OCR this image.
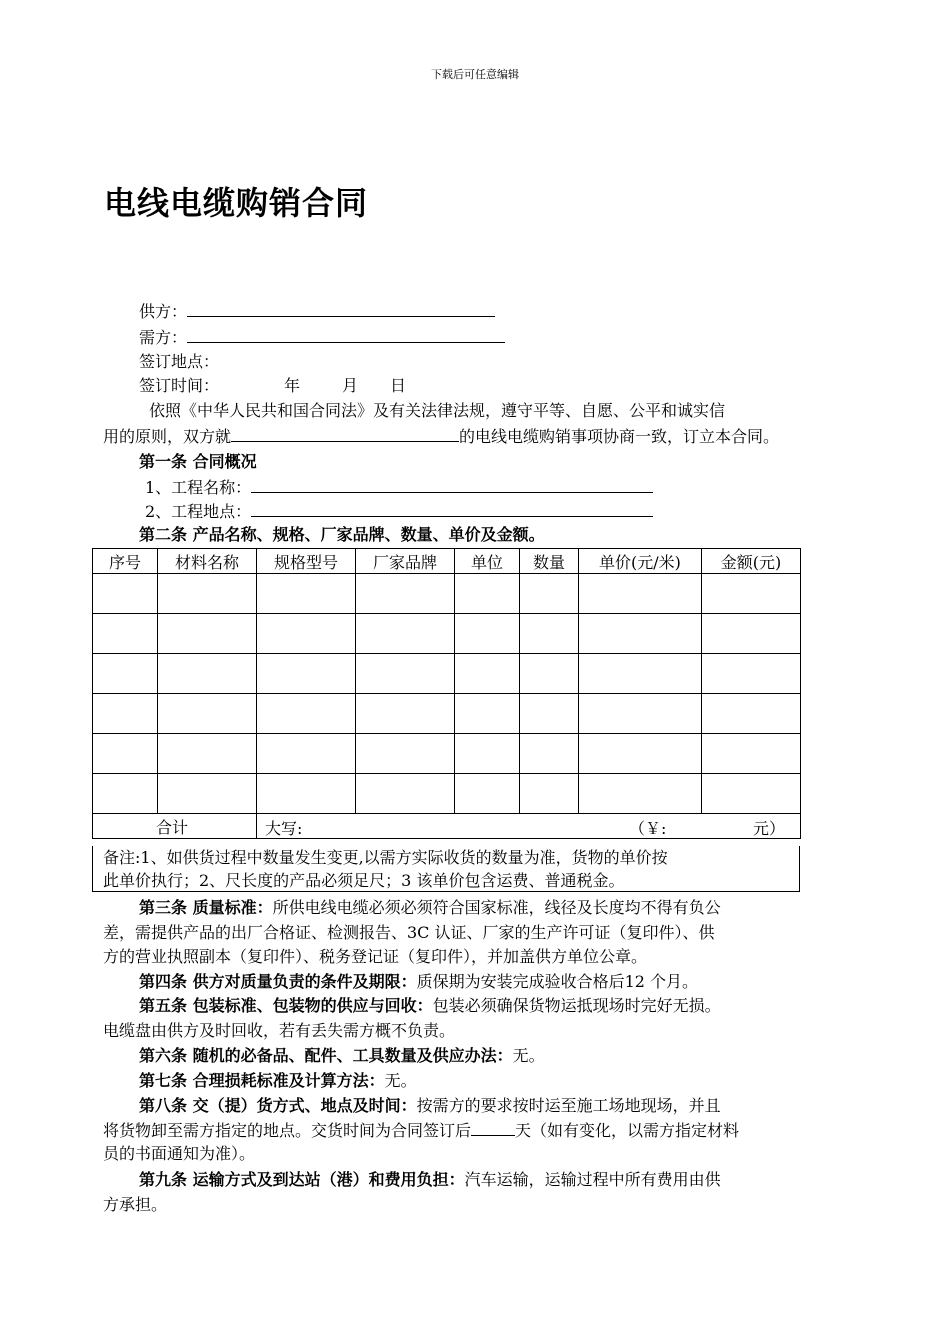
下载后可任意编辑
电线电缆购销合同
供方：
需方：
签订地点：
签订时间：	年	月 日
依照《中华人民共和国合同法》及有关法律法规，遵守平等、自愿、公平和诚实信
用的原则，双方就	的电线电缆购销事项协商一致，订立本合同。
第一条 合同概况
1、工程名称：
2、工程地点：
第二条 产品名称、规格、厂家品牌、数量、单价及金额。
序号	材料名称	规格型号	厂家品牌	单位	数量	单价(元/米)	金额(元)

合计		大写: （￥: 元）					
备注:1、如供货过程中数量发生变更,以需方实际收货的数量为准，货物的单价按
此单价执行；2、尺长度的产品必须足尺；3 该单价包含运费、普通税金。
第三条 质量标准：所供电线电缆必须必须符合国家标准，线径及长度均不得有负公
差，需提供产品的出厂合格证、检测报告、3C 认证、厂家的生产许可证（复印件）、供
方的营业执照副本（复印件）、税务登记证（复印件），并加盖供方单位公章。
第四条 供方对质量负责的条件及期限：质保期为安装完成验收合格后12 个月。
第五条 包装标准、包装物的供应与回收：包装必须确保货物运抵现场时完好无损。
电缆盘由供方及时回收，若有丢失需方概不负责。
第六条 随机的必备品、配件、工具数量及供应办法：无。
第七条 合理损耗标准及计算方法：无。
第八条 交（提）货方式、地点及时间：按需方的要求按时运至施工场地现场，并且
将货物卸至需方指定的地点。交货时间为合同签订后	天（如有变化，以需方指定材料
员的书面通知为准）。
第九条 运输方式及到达站（港）和费用负担：汽车运输，运输过程中所有费用由供
方承担。
